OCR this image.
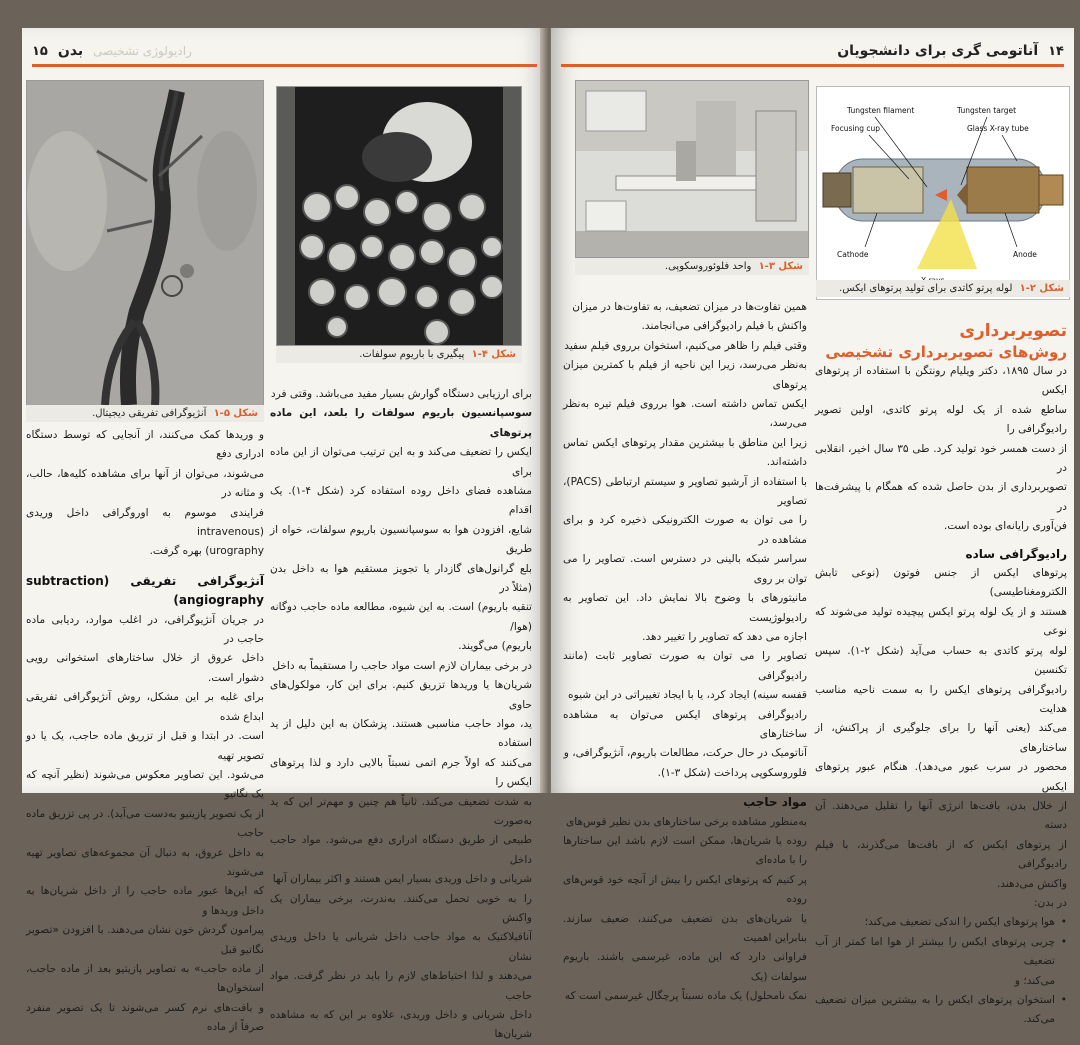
۱۵ بدن رادیولوژی تشخیصی
شکل ۵-۱ آنژیوگرافی تفریقی دیجیتال.
شکل ۴-۱ پیگیری با باریوم سولفات.

برای ارزیابی دستگاه گوارش بسیار مفید می‌باشد. وقتی فرد

سوسپانسیون باریوم سولفات را بلعد، این ماده پرتوهای

ایکس را تضعیف می‌کند و به این ترتیب می‌توان از این ماده برای

مشاهده فضای داخل روده استفاده کرد (شکل ۴-۱). یک اقدام

شایع، افزودن هوا به سوسپانسیون باریوم سولفات، خواه از طریق

بلع گرانول‌های گازدار یا تجویز مستقیم هوا به داخل بدن (مثلاً در

تنقیه باریوم) است. به این شیوه، مطالعه ماده حاجب دوگانه (هوا/

باریوم) می‌گویند.

در برخی بیماران لازم است مواد حاجب را مستقیماً به داخل

شریان‌ها یا وریدها تزریق کنیم. برای این کار، مولکول‌های حاوی

ید، مواد حاجب مناسبی هستند. پزشکان به این دلیل از ید استفاده

می‌کنند که اولاً جرم اتمی نسبتاً بالایی دارد و لذا پرتوهای ایکس را

به شدت تضعیف می‌کند. ثانیاً هم چنین و مهم‌تر این که ید به‌صورت

طبیعی از طریق دستگاه ادراری دفع می‌شود. مواد حاجب داخل

شریانی و داخل وریدی بسیار ایمن هستند و اکثر بیماران آنها

را به خوبی تحمل می‌کنند. به‌ندرت، برخی بیماران یک واکنش

آنافیلاکتیک به مواد حاجب داخل شریانی یا داخل وریدی نشان

می‌دهند و لذا احتیاط‌های لازم را باید در نظر گرفت. مواد حاجب

داخل شریانی و داخل وریدی، علاوه بر این که به مشاهده شریان‌ها

و وریدها کمک می‌کنند، از آنجایی که توسط دستگاه ادراری دفع

می‌شوند، می‌توان از آنها برای مشاهده کلیه‌ها، حالب، و مثانه در

فرایندی موسوم به اوروگرافی داخل وریدی (intravenous

urography) بهره گرفت.

آنژیوگرافی تفریقی (subtraction angiography)

در جریان آنژیوگرافی، در اغلب موارد، ردیابی ماده حاجب در

داخل عروق از خلال ساختارهای استخوانی رویی دشوار است.

برای غلبه بر این مشکل، روش آنژیوگرافی تفریقی ابداع شده

است. در ابتدا و قبل از تزریق ماده حاجب، یک یا دو تصویر تهیه

می‌شود. این تصاویر معکوس می‌شوند (نظیر آنچه که یک نگاتیو

از یک تصویر پازیتیو به‌دست می‌آید). در پی تزریق ماده حاجب

به داخل عروق، به دنبال آن مجموعه‌های تصاویر تهیه می‌شوند

که این‌ها عبور ماده حاجب را از داخل شریان‌ها به داخل وریدها و

پیرامون گردش خون نشان می‌دهند. با افزودن «تصویر نگاتیو قبل

از ماده حاجب» به تصاویر پازیتیو بعد از ماده حاجب، استخوان‌ها

و بافت‌های نرم کسر می‌شوند تا یک تصویر منفرد صرفاً از ماده

۱۴
آناتومی گری برای دانشجویان
شکل ۳-۱ واحد فلوئوروسکوپی.
Tungsten filament	Tungsten target
Focusing cup	Glass X-ray tube
Cathode	Anode
شکل ۲-۱ لوله پرتو کاتدی برای تولید پرتوهای ایکس.

تصویربرداری

روش‌های تصویربرداری تشخیصی

در سال ۱۸۹۵، دکتر ویلیام رونتگن با استفاده از پرتوهای ایکس

ساطع شده از یک لوله پرتو کاتدی، اولین تصویر رادیوگرافی را

از دست همسر خود تولید کرد. طی ۳۵ سال اخیر، انقلابی در

تصویربرداری از بدن حاصل شده که همگام با پیشرفت‌ها در

فن‌آوری رایانه‌ای بوده است.

رادیوگرافی ساده

پرتوهای ایکس از جنس فوتون (نوعی تابش الکترومغناطیسی)

هستند و از یک لوله پرتو ایکس پیچیده تولید می‌شوند که نوعی

لوله پرتو کاتدی به حساب می‌آید (شکل ۲-۱). سپس تکنسین

رادیوگرافی پرتوهای ایکس را به سمت ناحیه مناسب هدایت

می‌کند (یعنی آنها را برای جلوگیری از پراکنش، از ساختارهای

محصور در سرب عبور می‌دهد). هنگام عبور پرتوهای ایکس

از خلال بدن، بافت‌ها انرژی آنها را تقلیل می‌دهند. آن دسته

از پرتوهای ایکس که از بافت‌ها می‌گذرند، با فیلم رادیوگرافی

واکنش می‌دهند.

در بدن:

• هوا پرتوهای ایکس را اندکی تضعیف می‌کند؛

• چربی پرتوهای ایکس را بیشتر از هوا اما کمتر از آب تضعیف

می‌کند؛ و

• استخوان پرتوهای ایکس را به بیشترین میزان تضعیف می‌کند.

همین تفاوت‌ها در میزان تضعیف، به تفاوت‌ها در میزان

واکنش با فیلم رادیوگرافی می‌انجامند.

وقتی فیلم را ظاهر می‌کنیم، استخوان برروی فیلم سفید

به‌نظر می‌رسد، زیرا این ناحیه از فیلم با کمترین میزان پرتوهای

ایکس تماس داشته است. هوا برروی فیلم تیره به‌نظر می‌رسد،

زیرا این مناطق با بیشترین مقدار پرتوهای ایکس تماس داشته‌اند.

با استفاده از آرشیو تصاویر و سیستم ارتباطی (PACS)، تصاویر

را می توان به صورت الکترونیکی ذخیره کرد و برای مشاهده در

سراسر شبکه بالینی در دسترس است. تصاویر را می توان بر روی

مانیتورهای با وضوح بالا نمایش داد. این تصاویر به رادیولوژیست

اجازه می دهد که تصاویر را تغییر دهد.

تصاویر را می توان به صورت تصاویر ثابت (مانند رادیوگرافی

قفسه سینه) ایجاد کرد، یا با ایجاد تغییراتی در این شیوه

رادیوگرافی پرتوهای ایکس می‌توان به مشاهده ساختارهای

آناتومیک در حال حرکت، مطالعات باریوم، آنژیوگرافی، و

فلوروسکوپی پرداخت (شکل ۳-۱).

مواد حاجب

به‌منظور مشاهده برخی ساختارهای بدن نظیر قوس‌های

روده یا شریان‌ها، ممکن است لازم باشد این ساختارها را با ماده‌ای

پر کنیم که پرتوهای ایکس را بیش از آنچه خود قوس‌های روده

یا شریان‌های بدن تضعیف می‌کنند، ضعیف سازند. بنابراین اهمیت

فراوانی دارد که این ماده، غیرسمی باشند. باریوم سولفات (یک

نمک نامحلول) یک ماده نسبتاً پرچگال غیرسمی است که
